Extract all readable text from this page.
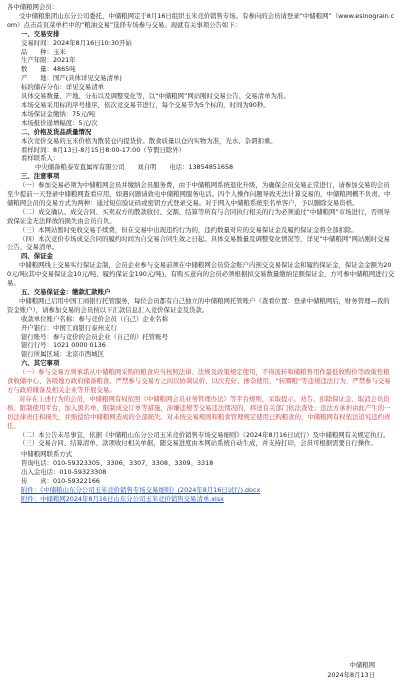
各中储粮网会员：

受中储粮集团山东分公司委托，中储粮网定于8月16日组织玉米竞价销售专场。有参向的会员请登录“中储粮网”（www.esinograin.com）点击首页菜单栏中的“粮油交易”选择专场参与交易。现就有关事项公告如下：

一、交易安排

交易时间：2024年8月16日10:30开始

品　　种：玉米

生产年限：2021年

数　　量：4865吨

产　　地：国产(具体详见交易清单)

标的储存分布：详见交易清单

具体交易数量、产地、分布以及调整变化等，以“中储粮网”网站刚时交易公告、交易清单为准。

本场交易采用标的序号排序，依次竞交易节进行，每个交易节为5个标的，时间为90秒。

本场保证金缴纳：75元/吨

本场报价递增幅度：5元/次

二、价格及货品质量情况

本次竞价交易的玉米价格为散装仓内提货价。散食质量以仓内实物为准，光水、杂谓扣重。

看样时间：8月13日-8月15日8:00-17:00（节假日除外）

看样联系人：

中央储备粮泰安直属库有限公司　　刘自明　　电话：13854851658

三、注意事项

（一）参加交易必须为中储粮网会员并缴纳会员服务费，由于中储粮网系统退化升级，为确保会员交易正常进行，请参加交易的会员至少提前一天登录中储粮网查看应用，如遇问题请致电中储粮网服务电话。四个人操作问题导致无法计算交易的，中储粮网概不负责。中储粮网会员的交易方式为两种：通过短信验证码或密钥方式登录交易。对于网入中储粮系统至名单客户，予以删除交易资格。

（二）成交确认、成交合同、买卖双方的散款收付、交割、结算等所有与合同执行相关的行为必须通过“中储粮网”市场进行，否则导致保证金无法释放的损失由会员自负。

（三）本网站暂时免收交易手续费，但在交易中出现违约行为的，违约数量对应的交易保证金及履约保证金将全部扣除。

（四）本次竞价专场成交合同的履约时间为自交易合同生效之日起。具体交易数量及调整变化情况等，详见“中储粮网”网站刚时交易公告、交易清单。

四、保证金

中储粮网线上交易实行保证金制，会员企业参与交易前须在中储粮网会员资金账户内预交交易保证金和履约保证金，保证金金额为200元/吨(其中交易保证金10元/吨、履约保证金190元/吨)，有购买意向的会员必须根据拟交易数量缴纳足额保证金，方可参中储粮网进行交易。

五、交易保证金：缴款汇款账户

中储粮网已启用中国工商银行托管服务，每位会员都有自己独立的中储粮网托管账户（查看位置：登录中储粮网后，财务管理—我的资金账户），请参加交易的会员按以下汇款信息汇入竞价保证金及货款。

收款单位账户名称：参与竞价会员（自己）企业名称

开户银行：中国工商银行泰州支行

银行账号：参与竞价的会员企业（自己的）托管账号

银行行号：1021 0000 0136

银行所属区域：北京市西城区

六、其它事项

（一）参与交易方须承诺从中储粮网采购的粮食应当按照法律、法规及政策规定使用，不得流转和储粮售用作最低收购价等政策性粮食收储中心、各级地方政府储备粮食。严禁参与交易方之间以协调议价、以次充好、掺杂使用、“转圈粮”等违规违法行为，严禁参与交易方与政府储备及相关企业等开展交易。

对存在上述行为的会员，中储粮网有权依照《中储粮网会员业务管理办法》等平台规则，采取提示、劝告、扣除保证金、取消会员资格、限制使用平台、加入黑名单、限制成交订单等措施，涉嫌违规等交易违法情况的，移送有关部门依法查处；违法方承担由此产生的一切法律责任和损失，并赔偿给中储粮网造成的全部损失。对未按交易规则和粮食管理规定使用已购粮食的，中储粮网有权依法追究违约责任。

（二）本公告未尽事宜，依据《中储粮山东分公司玉米竞价销售专场交易细则》（2024年8月16日试行）及中储粮网有关规定执行。

（三）交易合同、结算清单、款项收付相关单据，随交易进度由本网站系统自动生成，并支持打印，会员可根据需要自行操作。

中储粮网联系方式

咨询电话：010-59323305、3306、3307、3308、3309、3318

出入金电话：010-59323308

传　　真：010-59322166

附件：《中储粮山东分公司玉米竞价销售专场交易细则》(2024年8月16日试行).docx

附件：中储粮网2024年8月16日山东分公司玉米竞价销售交易清单.xlsx

中储粮网

2024年8月13日
